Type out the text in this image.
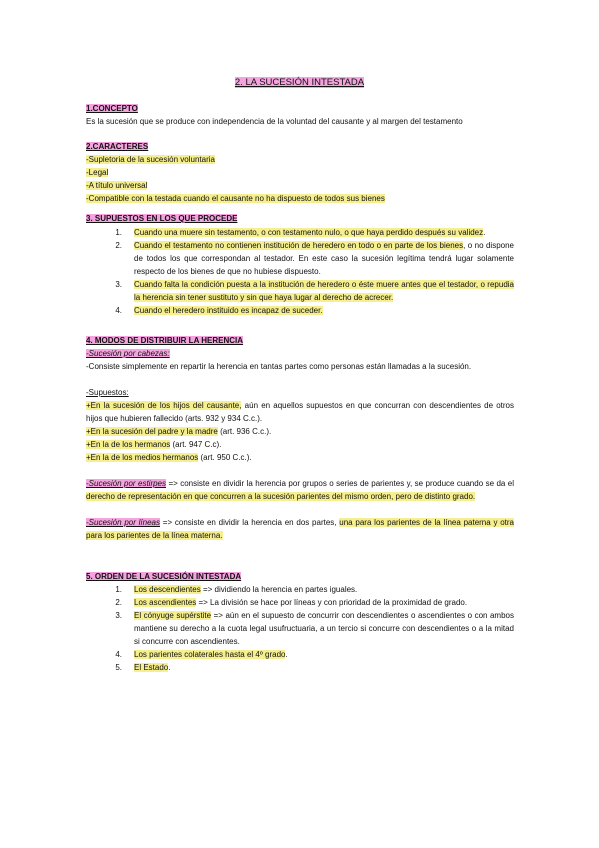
2. LA SUCESIÓN INTESTADA
1.CONCEPTO
Es la sucesión que se produce con independencia de la voluntad del causante y al margen del testamento
2.CARACTERES
-Supletoria de la sucesión voluntaria
-Legal
-A título universal
-Compatible con la testada cuando el causante no ha dispuesto de todos sus bienes
3. SUPUESTOS EN LOS QUE PROCEDE
1. Cuando una muere sin testamento, o con testamento nulo, o que haya perdido después su validez.
2. Cuando el testamento no contienen institución de heredero en todo o en parte de los bienes, o no dispone de todos los que correspondan al testador. En este caso la sucesión legítima tendrá lugar solamente respecto de los bienes de que no hubiese dispuesto.
3. Cuando falta la condición puesta a la institución de heredero o éste muere antes que el testador, o repudia la herencia sin tener sustituto y sin que haya lugar al derecho de acrecer.
4. Cuando el heredero instituido es incapaz de suceder.
4. MODOS DE DISTRIBUIR LA HERENCIA
-Sucesión por cabezas:
-Consiste simplemente en repartir la herencia en tantas partes como personas están llamadas a la sucesión.
-Supuestos:
+En la sucesión de los hijos del causante, aún en aquellos supuestos en que concurran con descendientes de otros hijos que hubieren fallecido (arts. 932 y 934 C.c.).
+En la sucesión del padre y la madre (art. 936 C.c.).
+En la de los hermanos (art. 947 C.c).
+En la de los medios hermanos (art. 950 C.c.).
-Sucesión por estirpes => consiste en dividir la herencia por grupos o series de parientes y, se produce cuando se da el derecho de representación en que concurren a la sucesión parientes del mismo orden, pero de distinto grado.
-Sucesión por líneas => consiste en dividir la herencia en dos partes, una para los parientes de la línea paterna y otra para los parientes de la línea materna.
5. ORDEN DE LA SUCESIÓN INTESTADA
1. Los descendientes => dividiendo la herencia en partes iguales.
2. Los ascendientes => La división se hace por líneas y con prioridad de la proximidad de grado.
3. El cónyuge supérstite => aún en el supuesto de concurrir con descendientes o ascendientes o con ambos mantiene su derecho a la cuota legal usufructuaria, a un tercio si concurre con descendientes o a la mitad si concurre con ascendientes.
4. Los parientes colaterales hasta el 4º grado.
5. El Estado.
